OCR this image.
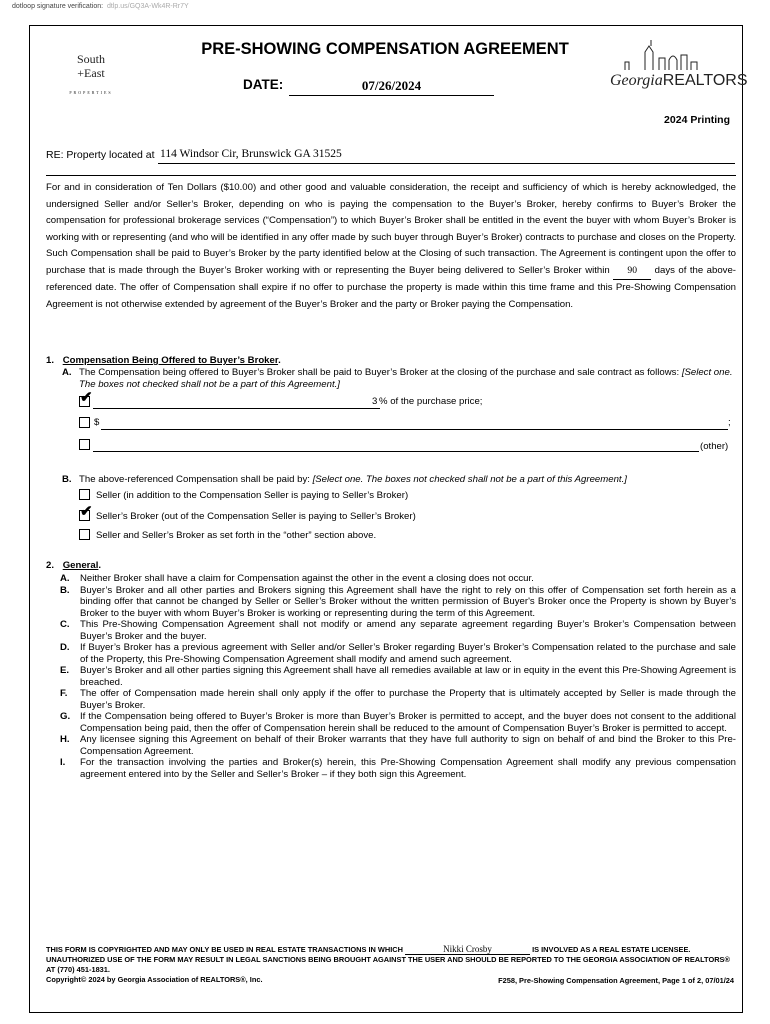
dotloop signature verification: dtlp.us/GQ3A-Wk4R-Rr7Y
South
+East
PROPERTIES
PRE-SHOWING COMPENSATION AGREEMENT
DATE:	07/26/2024	GeorgiaREALTORS
2024 Printing
RE: Property located at 114 Windsor Cir, Brunswick GA 31525
For and in consideration of Ten Dollars ($10.00) and other good and valuable consideration, the receipt and sufficiency of which is hereby acknowledged, the undersigned Seller and/or Seller’s Broker, depending on who is paying the compensation to the Buyer’s Broker, hereby confirms to Buyer’s Broker the compensation for professional brokerage services (“Compensation”) to which Buyer’s Broker shall be entitled in the event the buyer with whom Buyer’s Broker is working with or representing (and who will be identified in any offer made by such buyer through Buyer’s Broker) contracts to purchase and closes on the Property. Such Compensation shall be paid to Buyer’s Broker by the party identified below at the Closing of such transaction. The Agreement is contingent upon the offer to purchase that is made through the Buyer’s Broker working with or representing the Buyer being delivered to Seller’s Broker within 90 days of the above-referenced date. The offer of Compensation shall expire if no offer to purchase the property is made within this time frame and this Pre-Showing Compensation Agreement is not otherwise extended by agreement of the Buyer’s Broker and the party or Broker paying the Compensation.
1. Compensation Being Offered to Buyer’s Broker.
A. The Compensation being offered to Buyer’s Broker shall be paid to Buyer’s Broker at the closing of the purchase and sale contract as follows: [Select one. The boxes not checked shall not be a part of this Agreement.]
✔	3 % of the purchase price;
$	;
(other)
B. The above-referenced Compensation shall be paid by: [Select one. The boxes not checked shall not be a part of this Agreement.]
Seller (in addition to the Compensation Seller is paying to Seller’s Broker)
✔ Seller’s Broker (out of the Compensation Seller is paying to Seller’s Broker)
Seller and Seller’s Broker as set forth in the “other” section above.
2. General.
A. Neither Broker shall have a claim for Compensation against the other in the event a closing does not occur.
B. Buyer’s Broker and all other parties and Brokers signing this Agreement shall have the right to rely on this offer of Compensation set forth herein as a binding offer that cannot be changed by Seller or Seller’s Broker without the written permission of Buyer's Broker once the Property is shown by Buyer’s Broker to the buyer with whom Buyer’s Broker is working or representing during the term of this Agreement.
C. This Pre-Showing Compensation Agreement shall not modify or amend any separate agreement regarding Buyer’s Broker’s Compensation between Buyer’s Broker and the buyer.
D. If Buyer’s Broker has a previous agreement with Seller and/or Seller’s Broker regarding Buyer’s Broker’s Compensation related to the purchase and sale of the Property, this Pre-Showing Compensation Agreement shall modify and amend such agreement.
E. Buyer’s Broker and all other parties signing this Agreement shall have all remedies available at law or in equity in the event this Pre-Showing Agreement is breached.
F. The offer of Compensation made herein shall only apply if the offer to purchase the Property that is ultimately accepted by Seller is made through the Buyer’s Broker.
G. If the Compensation being offered to Buyer’s Broker is more than Buyer’s Broker is permitted to accept, and the buyer does not consent to the additional Compensation being paid, then the offer of Compensation herein shall be reduced to the amount of Compensation Buyer’s Broker is permitted to accept.
H. Any licensee signing this Agreement on behalf of their Broker warrants that they have full authority to sign on behalf of and bind the Broker to this Pre-Compensation Agreement.
I. For the transaction involving the parties and Broker(s) herein, this Pre-Showing Compensation Agreement shall modify any previous compensation agreement entered into by the Seller and Seller’s Broker – if they both sign this Agreement.
THIS FORM IS COPYRIGHTED AND MAY ONLY BE USED IN REAL ESTATE TRANSACTIONS IN WHICH	Nikki Crosby	IS INVOLVED AS A REAL ESTATE LICENSEE. UNAUTHORIZED USE OF THE FORM MAY RESULT IN LEGAL SANCTIONS BEING BROUGHT AGAINST THE USER AND SHOULD BE REPORTED TO THE GEORGIA ASSOCIATION OF REALTORS® AT (770) 451-1831.
Copyright© 2024 by Georgia Association of REALTORS®, Inc.	F258, Pre-Showing Compensation Agreement, Page 1 of 2, 07/01/24
